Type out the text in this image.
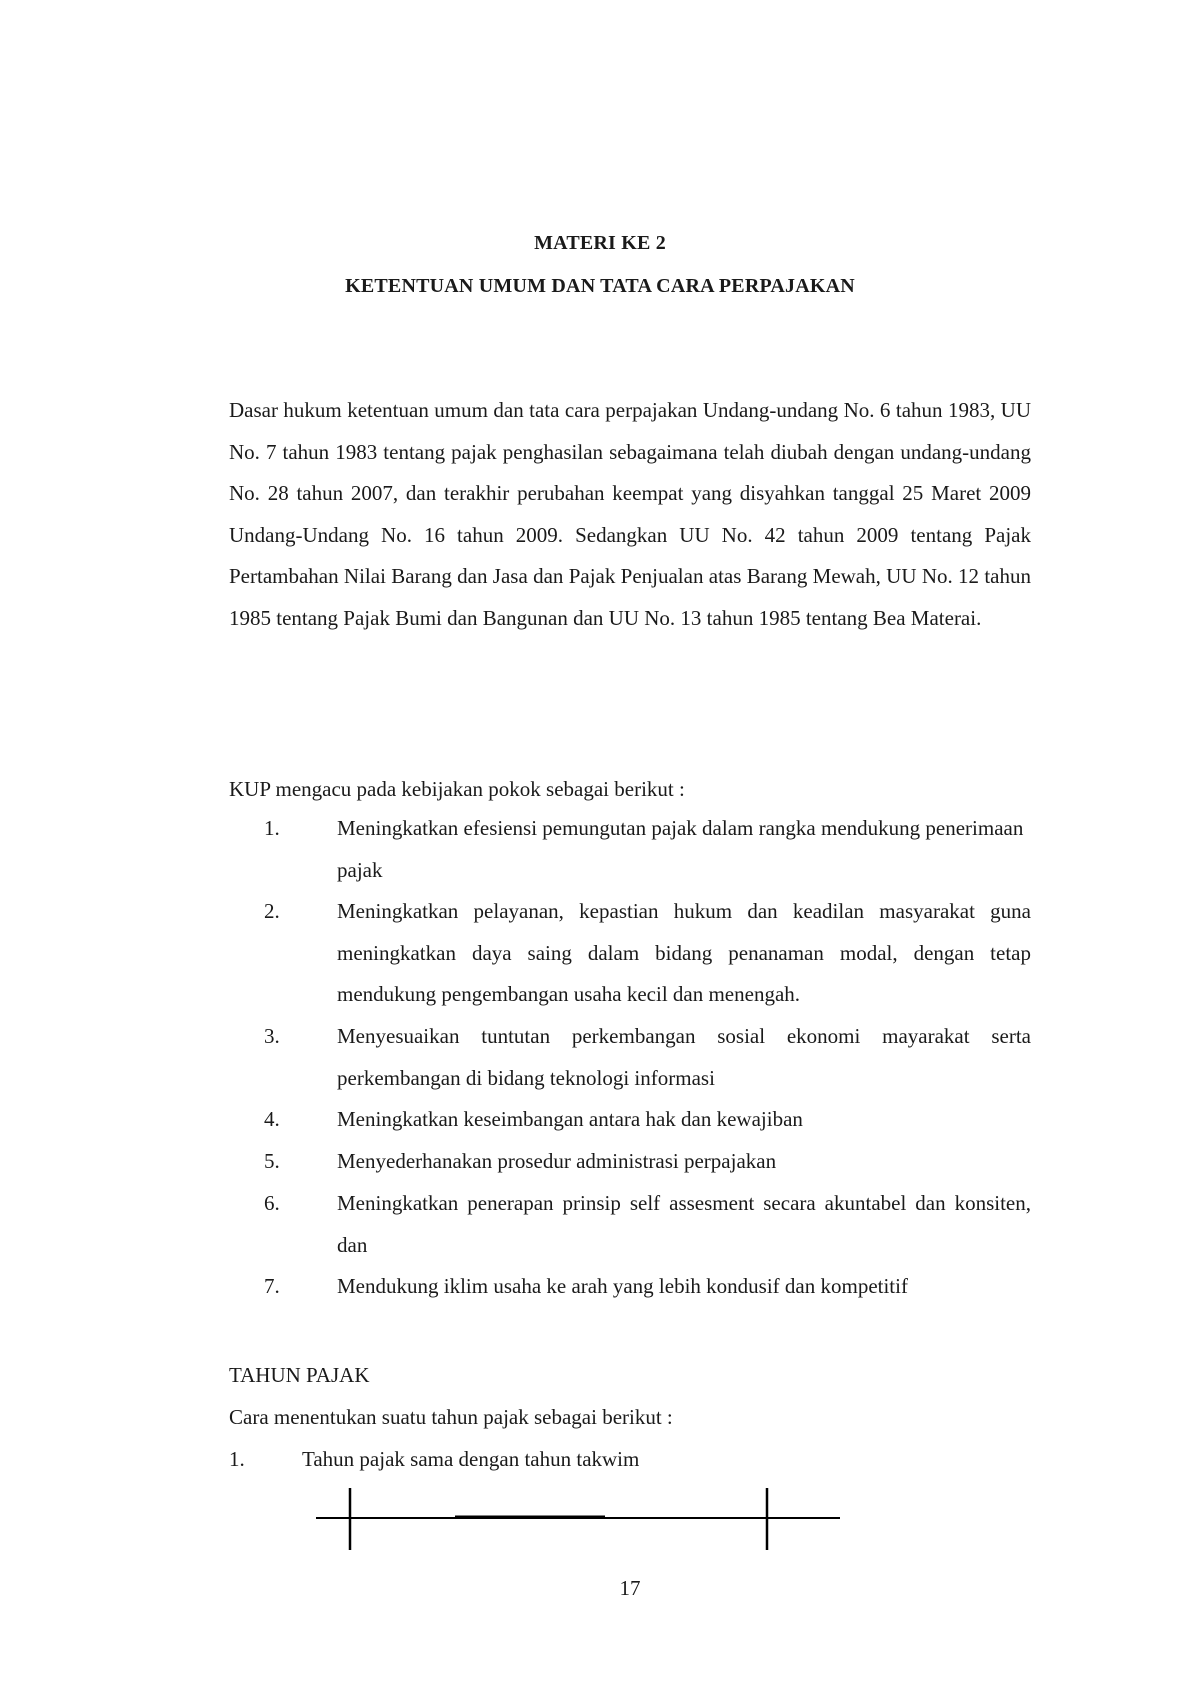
MATERI KE 2
KETENTUAN UMUM DAN TATA CARA PERPAJAKAN
Dasar hukum ketentuan umum dan tata cara perpajakan Undang-undang No. 6 tahun 1983, UU No. 7 tahun 1983 tentang pajak penghasilan sebagaimana telah diubah dengan undang-undang No. 28 tahun 2007, dan terakhir perubahan keempat yang disyahkan tanggal 25 Maret 2009 Undang-Undang No. 16 tahun 2009. Sedangkan UU No. 42 tahun 2009 tentang Pajak Pertambahan Nilai Barang dan Jasa dan Pajak Penjualan atas Barang Mewah, UU No. 12 tahun 1985 tentang Pajak Bumi dan Bangunan dan UU No. 13 tahun 1985 tentang Bea Materai.
KUP mengacu pada kebijakan pokok sebagai berikut :
1.	Meningkatkan efesiensi pemungutan pajak dalam rangka mendukung penerimaan pajak
2.	Meningkatkan pelayanan, kepastian hukum dan keadilan masyarakat guna meningkatkan daya saing dalam bidang penanaman modal, dengan tetap mendukung pengembangan usaha kecil dan menengah.
3.	Menyesuaikan tuntutan perkembangan sosial ekonomi mayarakat serta perkembangan di bidang teknologi informasi
4.	Meningkatkan keseimbangan antara hak dan kewajiban
5.	Menyederhanakan prosedur administrasi perpajakan
6.	Meningkatkan penerapan prinsip self assesment secara akuntabel dan konsiten, dan
7.	Mendukung iklim usaha ke arah yang lebih kondusif dan kompetitif
TAHUN PAJAK
Cara menentukan suatu tahun pajak sebagai berikut :
1.	Tahun pajak sama dengan tahun takwim
17
